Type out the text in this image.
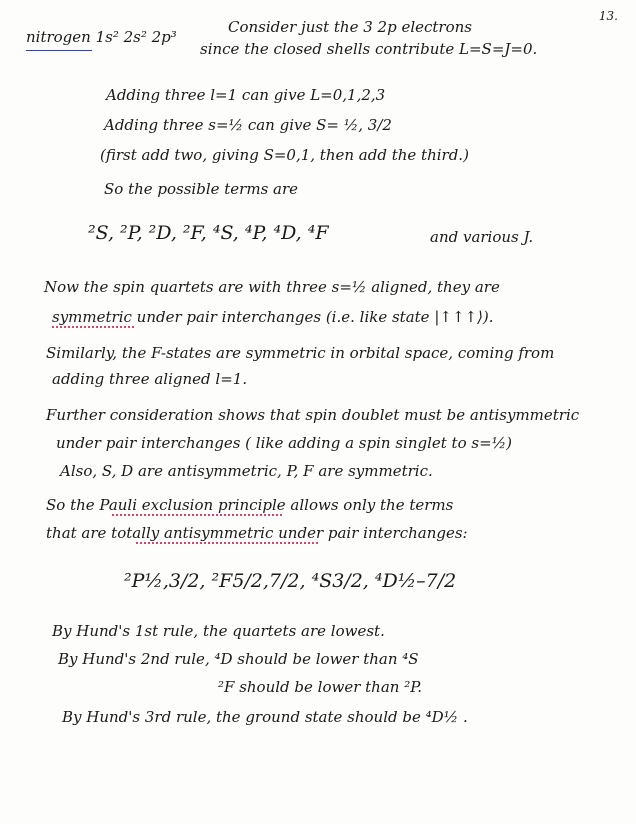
13.
nitrogen 1s² 2s² 2p³
Consider just the 3 2p electrons
since the closed shells contribute L=S=J=0.
Adding three l=1 can give L=0,1,2,3
Adding three s=½ can give S= ½, 3/2
(first add two, giving S=0,1, then add the third.)
So the possible terms are
²S, ²P, ²D, ²F, ⁴S, ⁴P, ⁴D, ⁴F	and various J.
Now the spin quartets are with three s=½ aligned, they are
symmetric under pair interchanges (i.e. like state |↑↑↑⟩).
Similarly, the F-states are symmetric in orbital space, coming from
adding three aligned l=1.
Further consideration shows that spin doublet must be antisymmetric
under pair interchanges ( like adding a spin singlet to s=½)
Also, S, D are antisymmetric, P, F are symmetric.
So the Pauli exclusion principle allows only the terms
that are totally antisymmetric under pair interchanges:
²P½,3/2, ²F5/2,7/2, ⁴S3/2, ⁴D½–7/2
By Hund's 1st rule, the quartets are lowest.
By Hund's 2nd rule, ⁴D should be lower than ⁴S
²F should be lower than ²P.
By Hund's 3rd rule, the ground state should be ⁴D½ .
